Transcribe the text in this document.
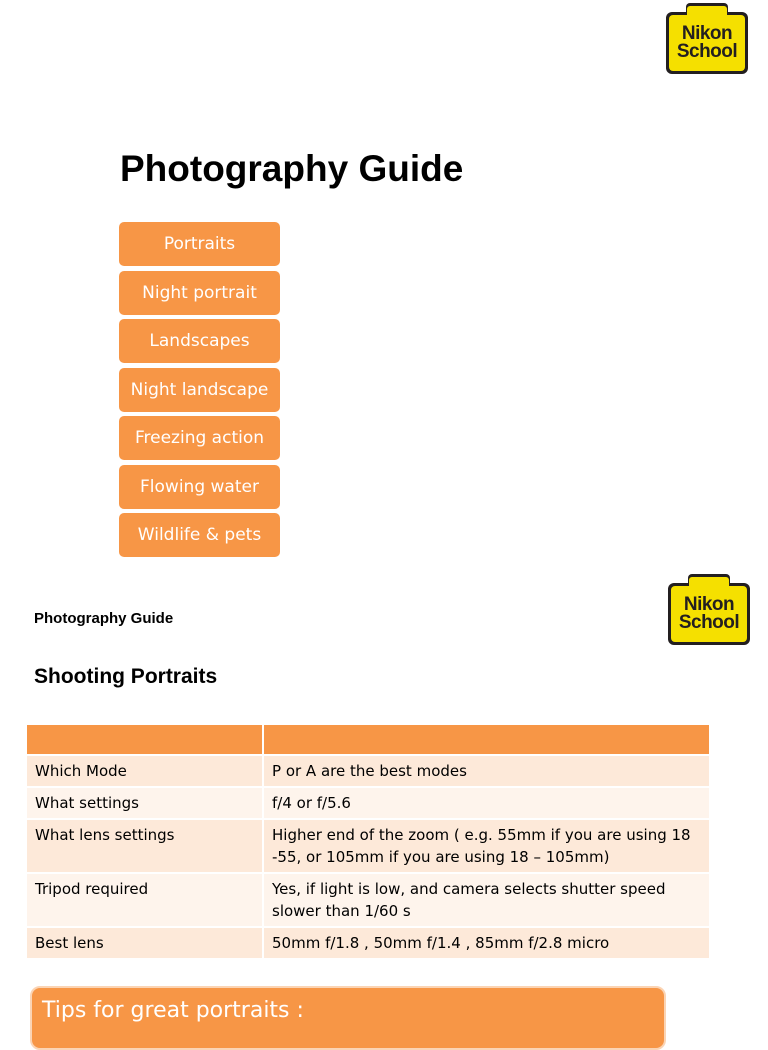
Nikon
School
Photography Guide
Portraits
Night portrait
Landscapes
Night landscape
Freezing action
Flowing water
Wildlife & pets
Photography Guide
Nikon
School
Shooting Portraits

Which Mode	P or A are the best modes
What settings	f/4 or f/5.6
What lens settings	Higher end of the zoom ( e.g. 55mm if you are using 18 -55, or 105mm if you are using 18 – 105mm)
Tripod required	Yes, if light is low, and camera selects shutter speed slower than 1/60 s
Best lens	50mm f/1.8 , 50mm f/1.4 , 85mm f/2.8 micro
Tips for great portraits :
